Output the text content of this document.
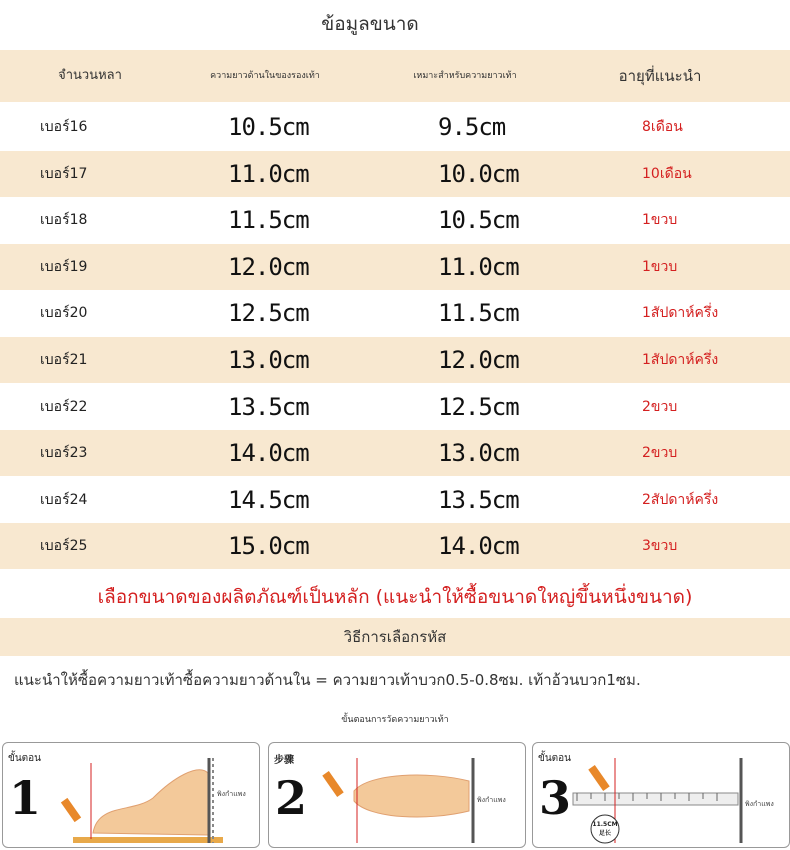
ข้อมูลขนาด
จำนวนหลา	ความยาวด้านในของรองเท้า	เหมาะสำหรับความยาวเท้า	อายุที่แนะนำ
เบอร์16	10.5cm	9.5cm	8เดือน
เบอร์17	11.0cm	10.0cm	10เดือน
เบอร์18	11.5cm	10.5cm	1ขวบ
เบอร์19	12.0cm	11.0cm	1ขวบ
เบอร์20	12.5cm	11.5cm	1สัปดาห์ครึ่ง
เบอร์21	13.0cm	12.0cm	1สัปดาห์ครึ่ง
เบอร์22	13.5cm	12.5cm	2ขวบ
เบอร์23	14.0cm	13.0cm	2ขวบ
เบอร์24	14.5cm	13.5cm	2สัปดาห์ครึ่ง
เบอร์25	15.0cm	14.0cm	3ขวบ
เลือกขนาดของผลิตภัณฑ์เป็นหลัก (แนะนำให้ซื้อขนาดใหญ่ขึ้นหนึ่งขนาด)
วิธีการเลือกรหัส
แนะนำให้ซื้อความยาวเท้าซื้อความยาวด้านใน = ความยาวเท้าบวก0.5-0.8ซม. เท้าอ้วนบวก1ซม.
ขั้นตอนการวัดความยาวเท้า
ขั้นตอน
1	พิงกำแพง
步骤
2	พิงกำแพง
ขั้นตอน
3	พิงกำแพง
11.5CM
足长
